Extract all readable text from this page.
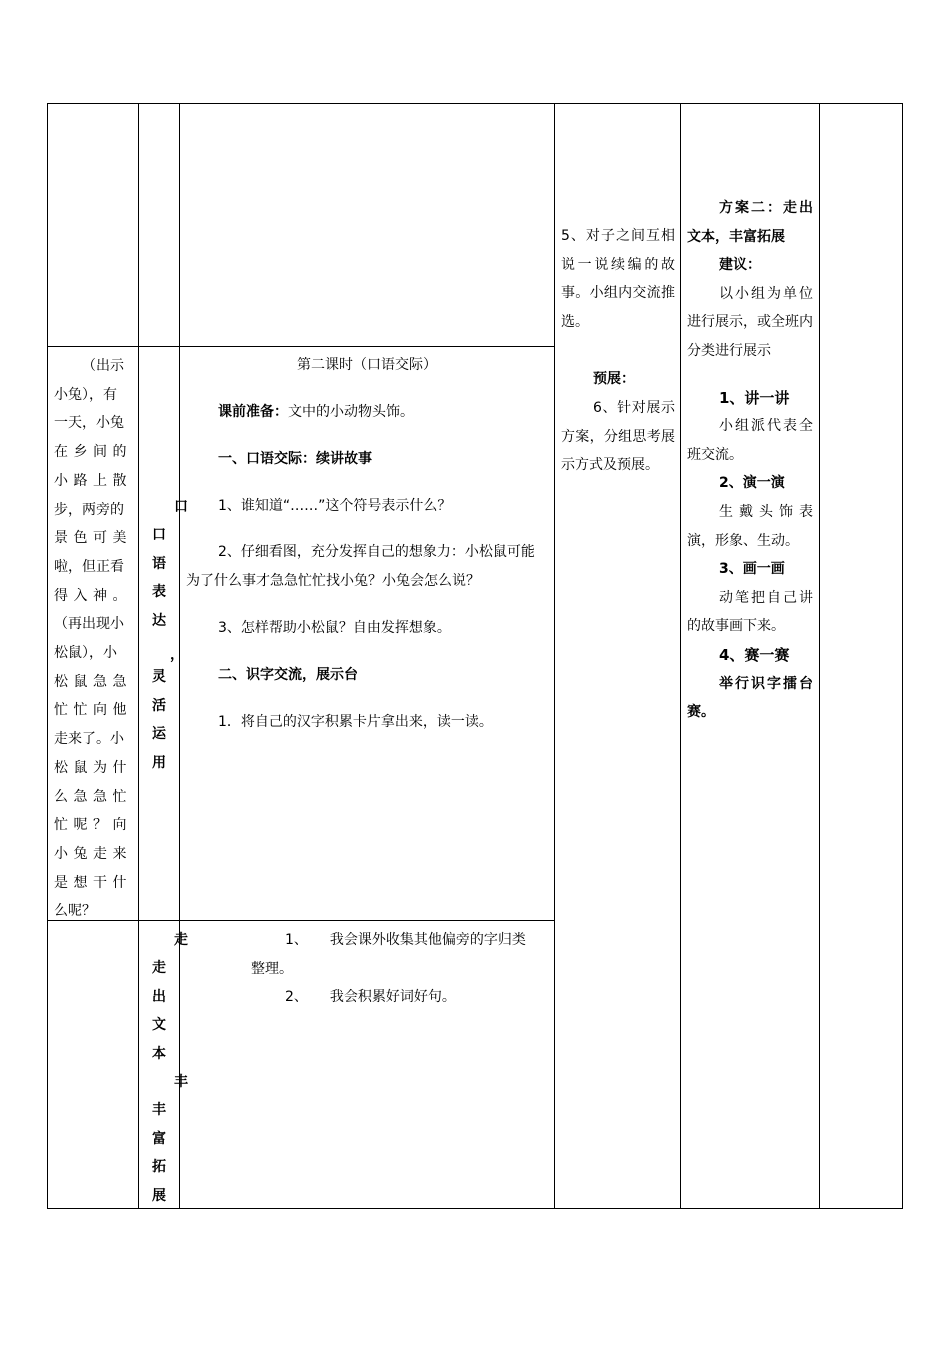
（出示
小兔），有
一天，小兔
在乡间的
小路上散
步，两旁的
景色可美
啦，但正看
得入神。
（再出现小
松鼠），小
松鼠急急
忙忙向他
走来了。小
松鼠为什
么急急忙
忙呢？向
小兔走来
是想干什
么呢？
口
语
表
达
灵
活
运
用
口
，
走
出
文
本
丰
富
拓
展
走
丰
第二课时（口语交际）
课前准备：文中的小动物头饰。
一、口语交际：续讲故事
1、谁知道“……”这个符号表示什么？
2、仔细看图，充分发挥自己的想象力：小松鼠可能为了什么事才急急忙忙找小兔？小兔会怎么说？
3、怎样帮助小松鼠？自由发挥想象。
二、识字交流，展示台
1．将自己的汉字积累卡片拿出来，读一读。
1、 我会课外收集其他偏旁的字归类
整理。
2、 我会积累好词好句。
5、对子之间互相说一说续编的故事。小组内交流推选。
预展：
6、针对展示方案，分组思考展示方式及预展。
方案二：走出文本，丰富拓展
建议：
以小组为单位进行展示，或全班内分类进行展示
1、讲一讲
小组派代表全班交流。
2、演一演
生戴头饰表演，形象、生动。
3、画一画
动笔把自己讲的故事画下来。
4、赛一赛
举行识字擂台赛。
